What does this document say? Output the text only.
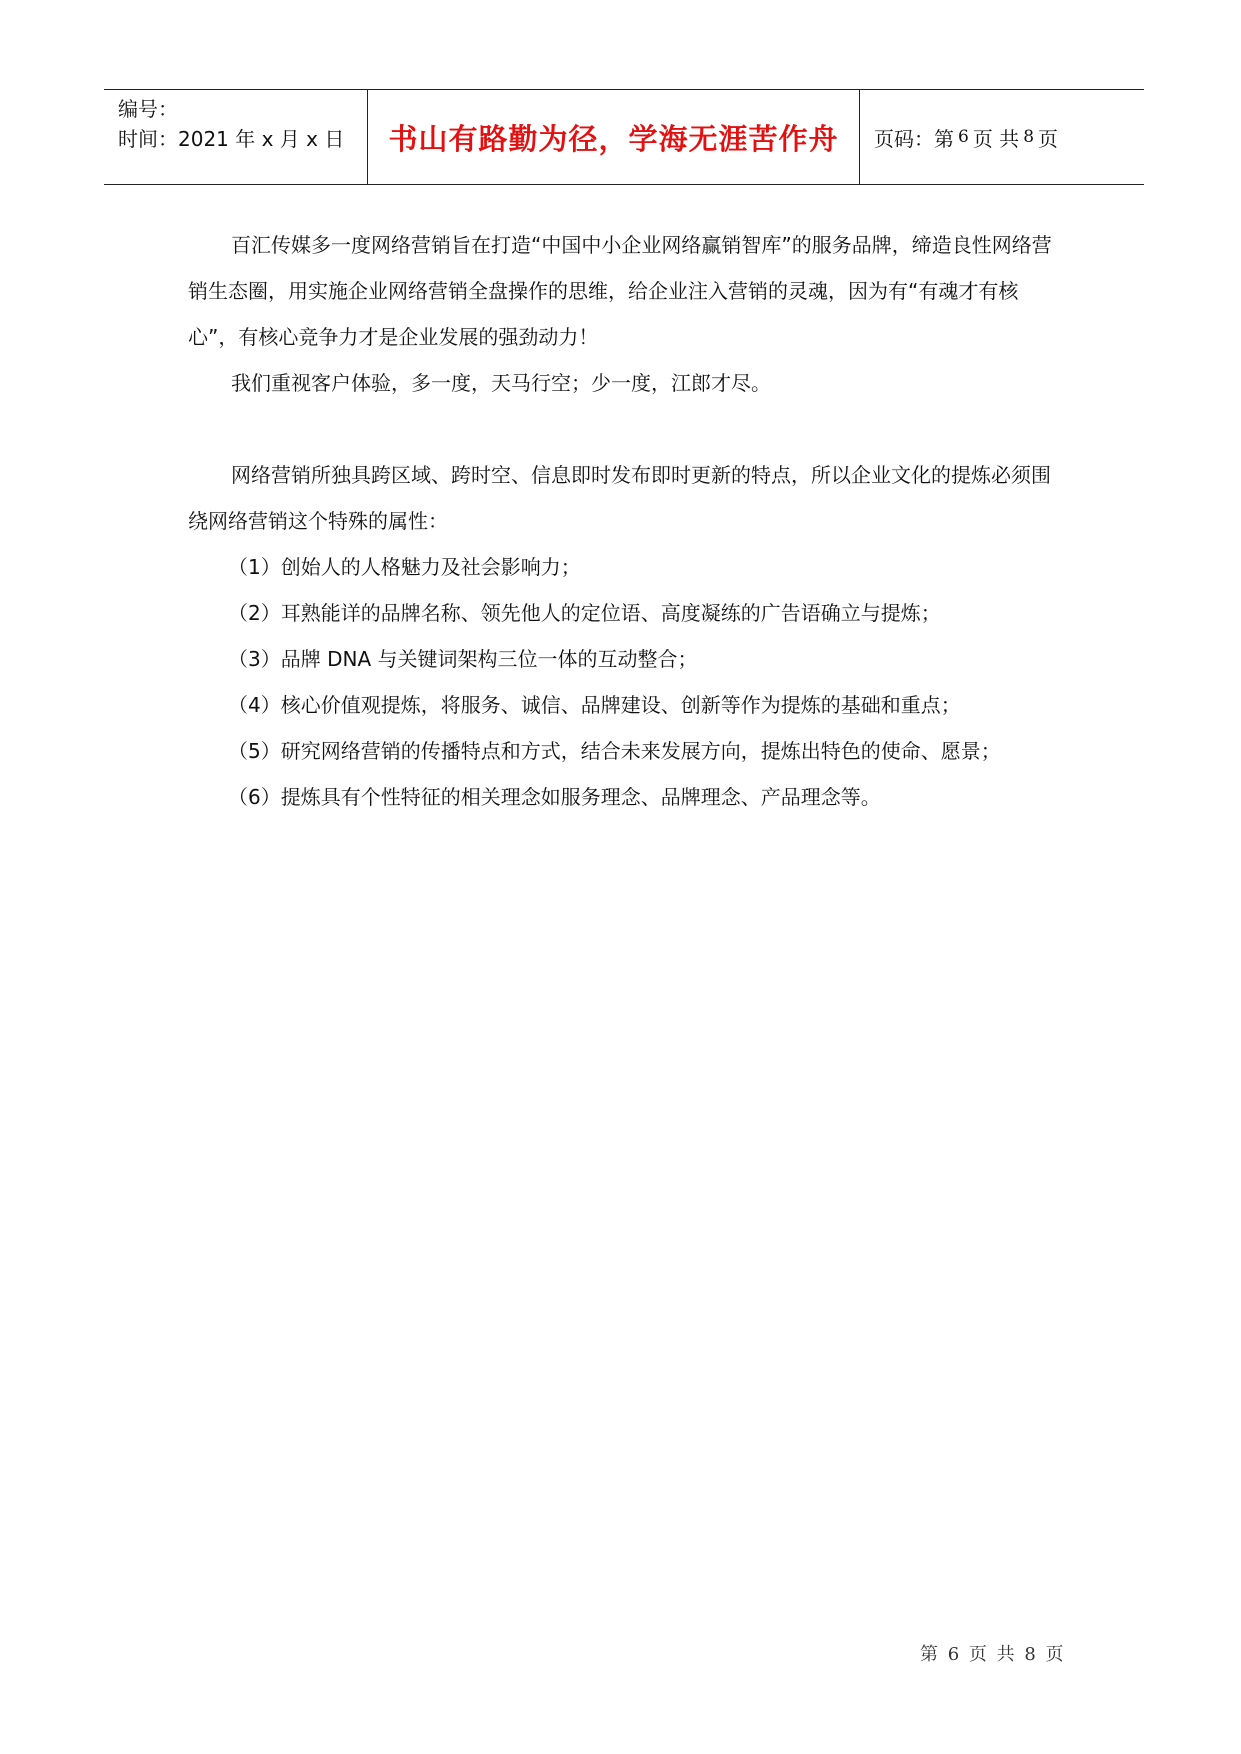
编号：
时间：2021 年 x 月 x 日	书山有路勤为径，学海无涯苦作舟	页码：第 6 页 共 8 页

百汇传媒多一度网络营销旨在打造“中国中小企业网络赢销智库”的服务品牌，缔造良性网络营销生态圈，用实施企业网络营销全盘操作的思维，给企业注入营销的灵魂，因为有“有魂才有核心”，有核心竞争力才是企业发展的强劲动力！

我们重视客户体验，多一度，天马行空；少一度，江郎才尽。

网络营销所独具跨区域、跨时空、信息即时发布即时更新的特点，所以企业文化的提炼必须围绕网络营销这个特殊的属性：

（1）创始人的人格魅力及社会影响力；

（2）耳熟能详的品牌名称、领先他人的定位语、高度凝练的广告语确立与提炼；

（3）品牌 DNA 与关键词架构三位一体的互动整合；

（4）核心价值观提炼，将服务、诚信、品牌建设、创新等作为提炼的基础和重点；

（5）研究网络营销的传播特点和方式，结合未来发展方向，提炼出特色的使命、愿景；

（6）提炼具有个性特征的相关理念如服务理念、品牌理念、产品理念等。

第 6 页 共 8 页
